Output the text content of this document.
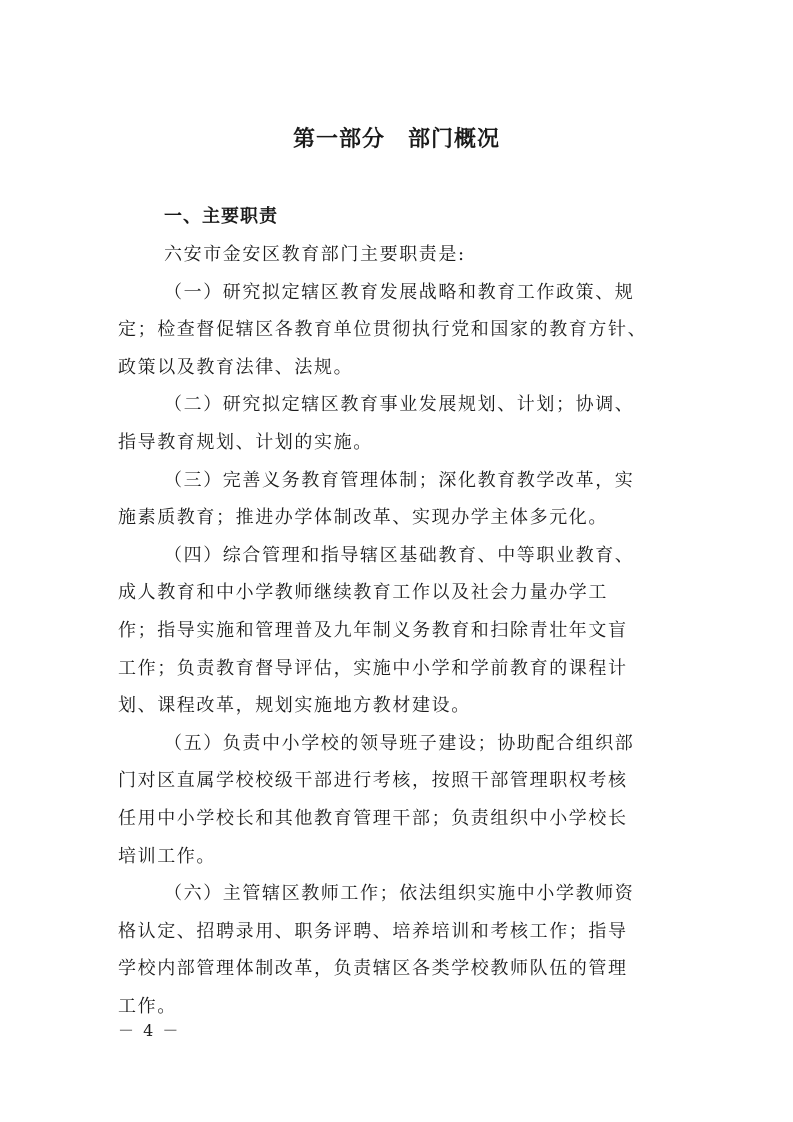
第一部分　部门概况
一、主要职责
六安市金安区教育部门主要职责是:
（一）研究拟定辖区教育发展战略和教育工作政策、规
定；检查督促辖区各教育单位贯彻执行党和国家的教育方针、
政策以及教育法律、法规。
（二）研究拟定辖区教育事业发展规划、计划；协调、
指导教育规划、计划的实施。
（三）完善义务教育管理体制；深化教育教学改革，实
施素质教育；推进办学体制改革、实现办学主体多元化。
（四）综合管理和指导辖区基础教育、中等职业教育、
成人教育和中小学教师继续教育工作以及社会力量办学工
作；指导实施和管理普及九年制义务教育和扫除青壮年文盲
工作；负责教育督导评估，实施中小学和学前教育的课程计
划、课程改革，规划实施地方教材建设。
（五）负责中小学校的领导班子建设；协助配合组织部
门对区直属学校校级干部进行考核，按照干部管理职权考核
任用中小学校长和其他教育管理干部；负责组织中小学校长
培训工作。
（六）主管辖区教师工作；依法组织实施中小学教师资
格认定、招聘录用、职务评聘、培养培训和考核工作；指导
学校内部管理体制改革，负责辖区各类学校教师队伍的管理
工作。
－ 4 －
